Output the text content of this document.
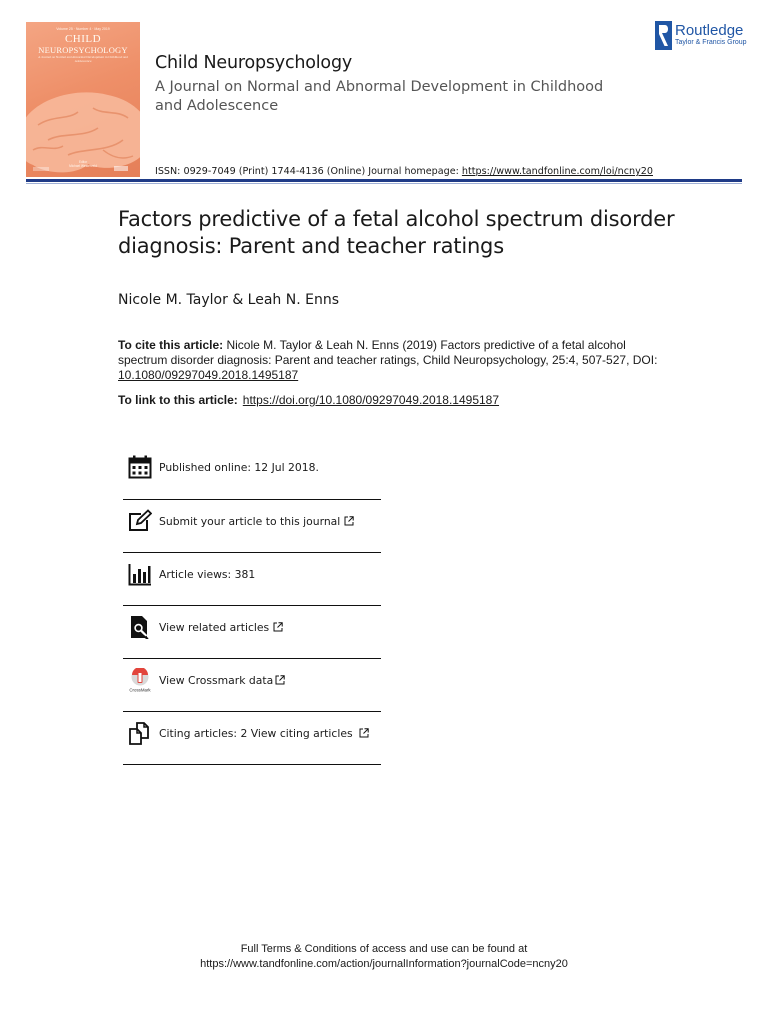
Volume 25 · Number 4 · May 2019
CHILD
NEUROPSYCHOLOGY
A Journal on Normal and Abnormal Development in Childhood and Adolescence
Editor
Michael Westerveld
Child Neuropsychology
A Journal on Normal and Abnormal Development in Childhood and Adolescence
ISSN: 0929-7049 (Print) 1744-4136 (Online) Journal homepage: https://www.tandfonline.com/loi/ncny20
Routledge
Taylor & Francis Group
Factors predictive of a fetal alcohol spectrum disorder diagnosis: Parent and teacher ratings
Nicole M. Taylor & Leah N. Enns
To cite this article: Nicole M. Taylor & Leah N. Enns (2019) Factors predictive of a fetal alcohol spectrum disorder diagnosis: Parent and teacher ratings, Child Neuropsychology, 25:4, 507-527, DOI: 10.1080/09297049.2018.1495187
To link to this article: https://doi.org/10.1080/09297049.2018.1495187
Published online: 12 Jul 2018.
Submit your article to this journal
Article views: 381
View related articles
CrossMark
View Crossmark data
Citing articles: 2 View citing articles
Full Terms & Conditions of access and use can be found at
https://www.tandfonline.com/action/journalInformation?journalCode=ncny20
